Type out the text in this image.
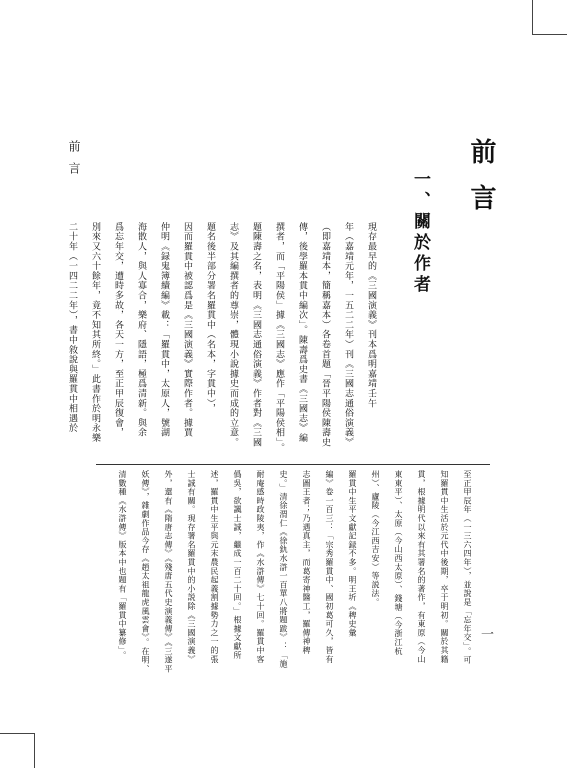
前言	前言
一、關於作者

現存最早的《三國演義》刊本爲明嘉靖壬午

年（嘉靖元年，一五二二年）刊《三國志通俗演義》

（即嘉靖本，簡稱嘉本）各卷首題「晉平陽侯陳壽史

傳，後學羅本貫中編次」。陳壽爲史書《三國志》編

撰者，而「平陽侯」據《三國志》應作「平陽侯相」。

題陳壽之名，表明《三國志通俗演義》作者對《三國

志》及其編撰者的尊崇，體現小說據史而成的立意。

題名後半部分署名羅貫中（名本，字貫中），

因而羅貫中被認爲是《三國演義》實際作者。據賈

仲明《録鬼簿續編》載：「羅貫中，太原人，號湖

海散人，與人寡合，樂府、隱語，極爲清新。與余

爲忘年交，遭時多故，各天一方，至正甲辰復會，

別來又六十餘年，竟不知其所終。」此書作於明永樂

二十年（一四二二年），書中敘說與羅貫中相遇於

至正甲辰年（一三六四年），並說是「忘年交」。可

知羅貫中生活於元代中後期，卒于明初。關於其籍

貫，根據明代以來有其署名的著作，有東原（今山

東東平）、太原（今山西太原）、錢塘（今浙江杭

州）、廬陵（今江西吉安）等説法。

羅貫中生平文獻記録不多。明王圻《稗史彙

編》卷一百三：「宗秀羅貫中、國初葛可久，皆有

志圖王者；乃遇真主，而葛寄神醫工，羅傳神稗

史。」清徐渭仁《徐釚水滸一百單八將題跋》：「施

耐庵感時政陵夷，作《水滸傳》七十回。羅貫中客

僞吳，欲諷士誠，繼成一百二十回。」根據文獻所

述，羅貫中生平與元末農民起義割據勢力之一的張

士誠有關。現存署名羅貫中的小説除《三國演義》

外，還有《隋唐志傳》《殘唐五代史演義傳》《三遂平

妖傳》，雜劇作品今存《趙太祖龍虎風雲會》。在明、

清數種《水滸傳》版本中也題有「羅貫中纂修」。	一
